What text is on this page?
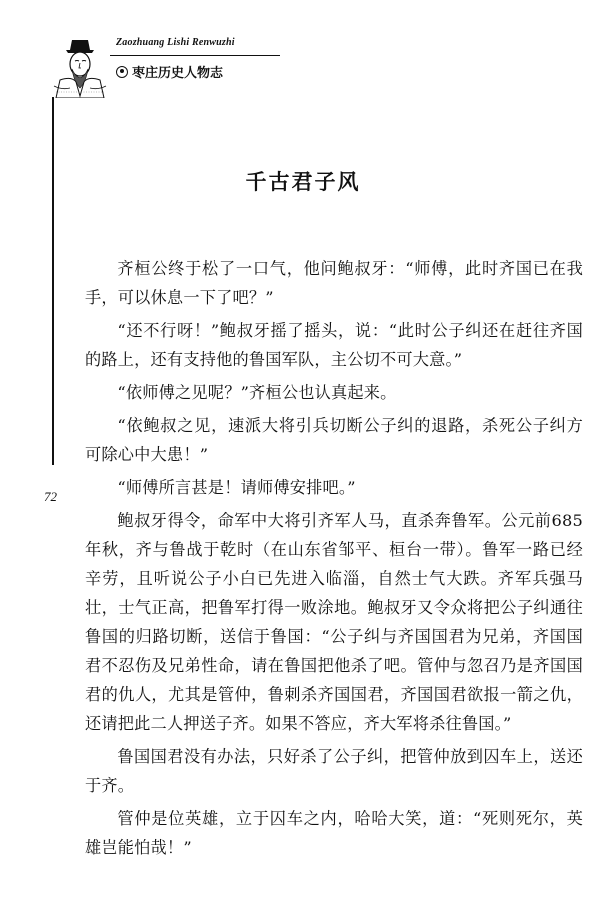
Zaozhuang Lishi Renwuzhi
枣庄历史人物志
72
千古君子风

齐桓公终于松了一口气，他问鲍叔牙：“师傅，此时齐国已在我手，可以休息一下了吧？”

“还不行呀！”鲍叔牙摇了摇头，说：“此时公子纠还在赶往齐国的路上，还有支持他的鲁国军队，主公切不可大意。”

“依师傅之见呢？”齐桓公也认真起来。

“依鲍叔之见，速派大将引兵切断公子纠的退路，杀死公子纠方可除心中大患！”

“师傅所言甚是！请师傅安排吧。”

鲍叔牙得令，命军中大将引齐军人马，直杀奔鲁军。公元前685年秋，齐与鲁战于乾时（在山东省邹平、桓台一带）。鲁军一路已经辛劳，且听说公子小白已先进入临淄，自然士气大跌。齐军兵强马壮，士气正高，把鲁军打得一败涂地。鲍叔牙又令众将把公子纠通往鲁国的归路切断，送信于鲁国：“公子纠与齐国国君为兄弟，齐国国君不忍伤及兄弟性命，请在鲁国把他杀了吧。管仲与忽召乃是齐国国君的仇人，尤其是管仲，鲁刺杀齐国国君，齐国国君欲报一箭之仇，还请把此二人押送子齐。如果不答应，齐大军将杀往鲁国。”

鲁国国君没有办法，只好杀了公子纠，把管仲放到囚车上，送还于齐。

管仲是位英雄，立于囚车之内，哈哈大笑，道：“死则死尔，英雄岂能怕哉！”
